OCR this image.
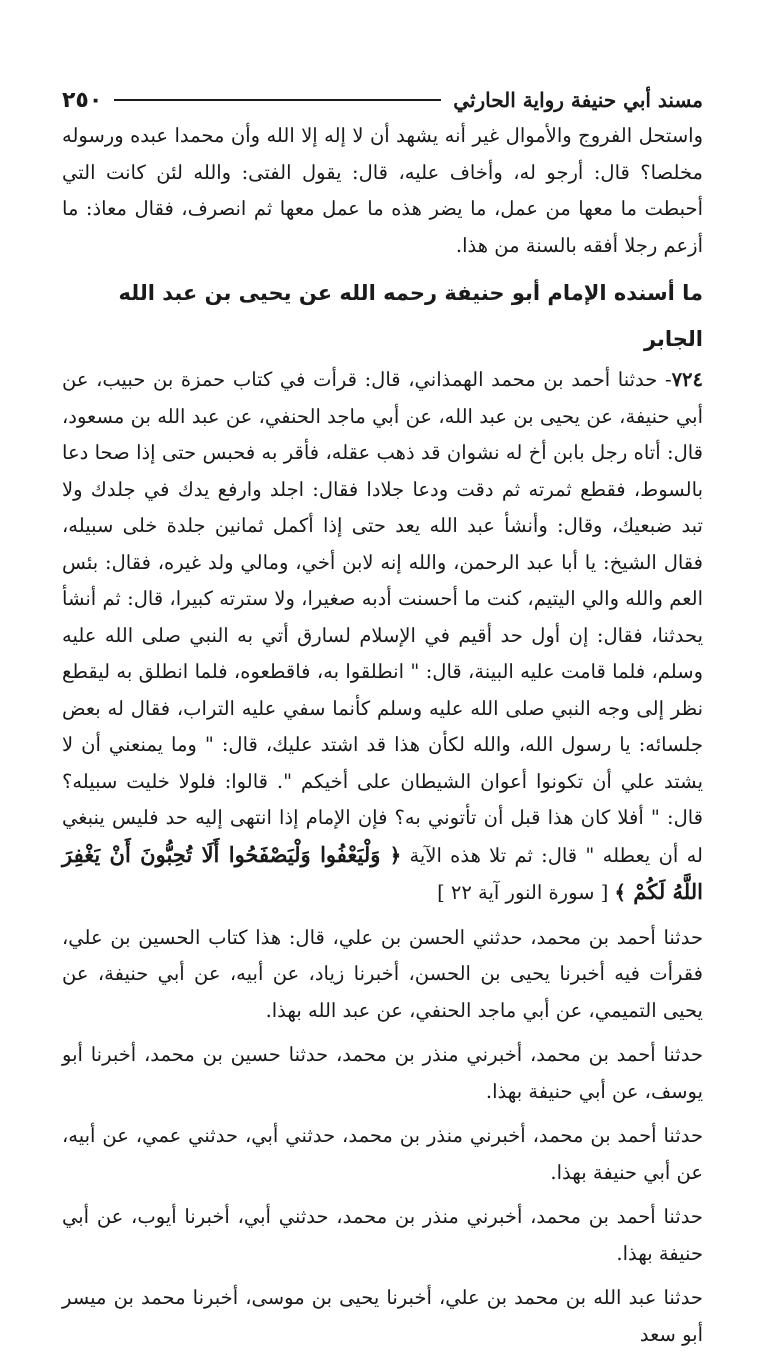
مسند أبي حنيفة رواية الحارثي
٢٥٠

واستحل الفروج والأموال غير أنه يشهد أن لا إله إلا الله وأن محمدا عبده ورسوله مخلصا؟ قال: أرجو له، وأخاف عليه، قال: يقول الفتى: والله لئن كانت التي أحبطت ما معها من عمل، ما يضر هذه ما عمل معها ثم انصرف، فقال معاذ: ما أزعم رجلا أفقه بالسنة من هذا.

ما أسنده الإمام أبو حنيفة رحمه الله عن يحيى بن عبد الله
الجابر

٧٢٤- حدثنا أحمد بن محمد الهمذاني، قال: قرأت في كتاب حمزة بن حبيب، عن أبي حنيفة، عن يحيى بن عبد الله، عن أبي ماجد الحنفي، عن عبد الله بن مسعود، قال: أتاه رجل بابن أخ له نشوان قد ذهب عقله، فأقر به فحبس حتى إذا صحا دعا بالسوط، فقطع ثمرته ثم دقت ودعا جلادا فقال: اجلد وارفع يدك في جلدك ولا تبد ضبعيك، وقال: وأنشأ عبد الله يعد حتى إذا أكمل ثمانين جلدة خلى سبيله، فقال الشيخ: يا أبا عبد الرحمن، والله إنه لابن أخي، ومالي ولد غيره، فقال: بئس العم والله والي اليتيم، كنت ما أحسنت أدبه صغيرا، ولا سترته كبيرا، قال: ثم أنشأ يحدثنا، فقال: إن أول حد أقيم في الإسلام لسارق أتي به النبي صلى الله عليه وسلم، فلما قامت عليه البينة، قال: " انطلقوا به، فاقطعوه، فلما انطلق به ليقطع نظر إلى وجه النبي صلى الله عليه وسلم كأنما سفي عليه التراب، فقال له بعض جلسائه: يا رسول الله، والله لكأن هذا قد اشتد عليك، قال: " وما يمنعني أن لا يشتد علي أن تكونوا أعوان الشيطان على أخيكم ". قالوا: فلولا خليت سبيله؟ قال: " أفلا كان هذا قبل أن تأتوني به؟ فإن الإمام إذا انتهى إليه حد فليس ينبغي له أن يعطله " قال: ثم تلا هذه الآية ﴿ وَلْيَعْفُوا وَلْيَصْفَحُوا أَلَا تُحِبُّونَ أَنْ يَغْفِرَ اللَّهُ لَكُمْ ﴾ [ سورة النور آية ٢٢ ]

حدثنا أحمد بن محمد، حدثني الحسن بن علي، قال: هذا كتاب الحسين بن علي، فقرأت فيه أخبرنا يحيى بن الحسن، أخبرنا زياد، عن أبيه، عن أبي حنيفة، عن يحيى التميمي، عن أبي ماجد الحنفي، عن عبد الله بهذا.

حدثنا أحمد بن محمد، أخبرني منذر بن محمد، حدثنا حسين بن محمد، أخبرنا أبو يوسف، عن أبي حنيفة بهذا.

حدثنا أحمد بن محمد، أخبرني منذر بن محمد، حدثني أبي، حدثني عمي، عن أبيه، عن أبي حنيفة بهذا.

حدثنا أحمد بن محمد، أخبرني منذر بن محمد، حدثني أبي، أخبرنا أيوب، عن أبي حنيفة بهذا.

حدثنا عبد الله بن محمد بن علي، أخبرنا يحيى بن موسى، أخبرنا محمد بن ميسر أبو سعد
